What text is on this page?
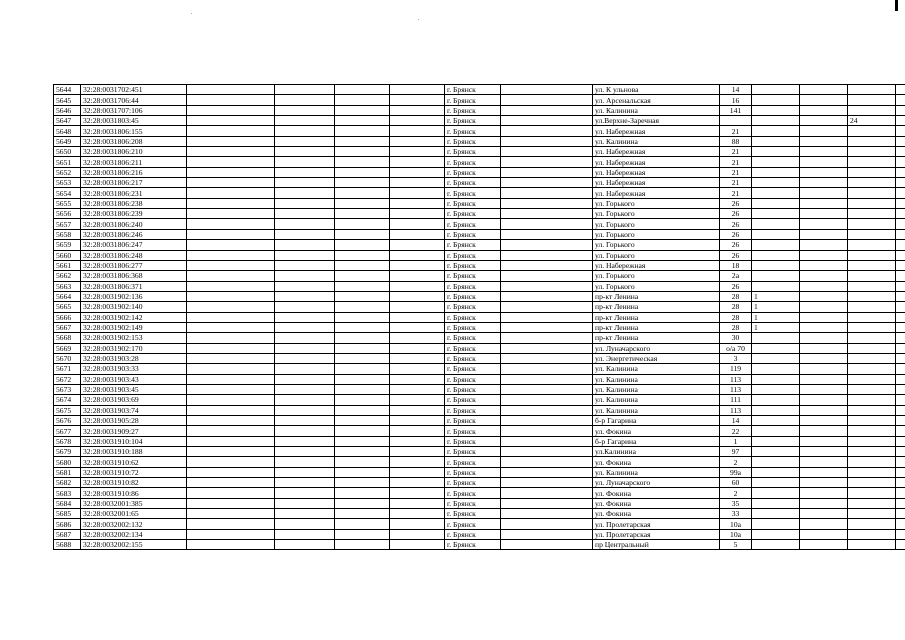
5644	32:28:0031702:451					г. Брянск		ул. К ульнова	14				
5645	32:28:0031706:44					г. Брянск		ул. Арсенальская	16				
5646	32:28:0031707:106					г. Брянск		ул. Калинина	141				
5647	32:28:0031803:45					г. Брянск		ул.Верхне-Заречная				24	
5648	32:28:0031806:155					г. Брянск		ул. Набережная	21				
5649	32:28:0031806:208					г. Брянск		ул. Калинина	88				
5650	32:28:0031806:210					г. Брянск		ул. Набережная	21				
5651	32:28:0031806:211					г. Брянск		ул. Набережная	21				
5652	32:28:0031806:216					г. Брянск		ул. Набережная	21				
5653	32:28:0031806:217					г. Брянск		ул. Набережная	21				
5654	32:28:0031806:231					г. Брянск		ул. Набережная	21				
5655	32:28:0031806:238					г. Брянск		ул. Горького	26				
5656	32:28:0031806:239					г. Брянск		ул. Горького	26				
5657	32:28:0031806:240					г. Брянск		ул. Горького	26				
5658	32:28:0031806:246					г. Брянск		ул. Горького	26				
5659	32:28:0031806:247					г. Брянск		ул. Горького	26				
5660	32:28:0031806:248					г. Брянск		ул. Горького	26				
5661	32:28:0031806:277					г. Брянск		ул. Набережная	18				
5662	32:28:0031806:368					г. Брянск		ул. Горького	2а				
5663	32:28:0031806:371					г. Брянск		ул. Горького	26				
5664	32:28:0031902:136					г. Брянск		пр-кт Ленина	28	1			
5665	32:28:0031902:140					г. Брянск		пр-кт Ленина	28	1			
5666	32:28:0031902:142					г. Брянск		пр-кт Ленина	28	1			
5667	32:28:0031902:149					г. Брянск		пр-кт Ленина	28	1			
5668	32:28:0031902:153					г. Брянск		пр-кт Ленина	30				
5669	32:28:0031902:170					г. Брянск		ул. Луначарского	о/а 70				
5670	32:28:0031903:28					г. Брянск		ул. Энергетическая	3				
5671	32:28:0031903:33					г. Брянск		ул. Калинина	119				
5672	32:28:0031903:43					г. Брянск		ул. Калинина	113				
5673	32:28:0031903:45					г. Брянск		ул. Калинина	113				
5674	32:28:0031903:69					г. Брянск		ул. Калинина	111				
5675	32:28:0031903:74					г. Брянск		ул. Калинина	113				
5676	32:28:0031905:28					г. Брянск		б-р Гагарина	14				
5677	32:28:0031909:27					г. Брянск		ул. Фокина	22				
5678	32:28:0031910:104					г. Брянск		б-р Гагарина	1				
5679	32:28:0031910:188					г. Брянск		ул.Калинина	97				
5680	32:28:0031910:62					г. Брянск		ул. Фокина	2				
5681	32:28:0031910:72					г. Брянск		ул. Калинина	99а				
5682	32:28:0031910:82					г. Брянск		ул. Луначарского	60				
5683	32:28:0031910:86					г. Брянск		ул. Фокина	2				
5684	32:28:0032001:385					г. Брянск		ул. Фокина	35				
5685	32:28:0032001:65					г. Брянск		ул. Фокина	33				
5686	32:28:0032002:132					г. Брянск		ул. Пролетарская	10а				
5687	32:28:0032002:134					г. Брянск		ул. Пролетарская	10а				
5688	32:28:0032002:155					г. Брянск		пр Центральный	5				
